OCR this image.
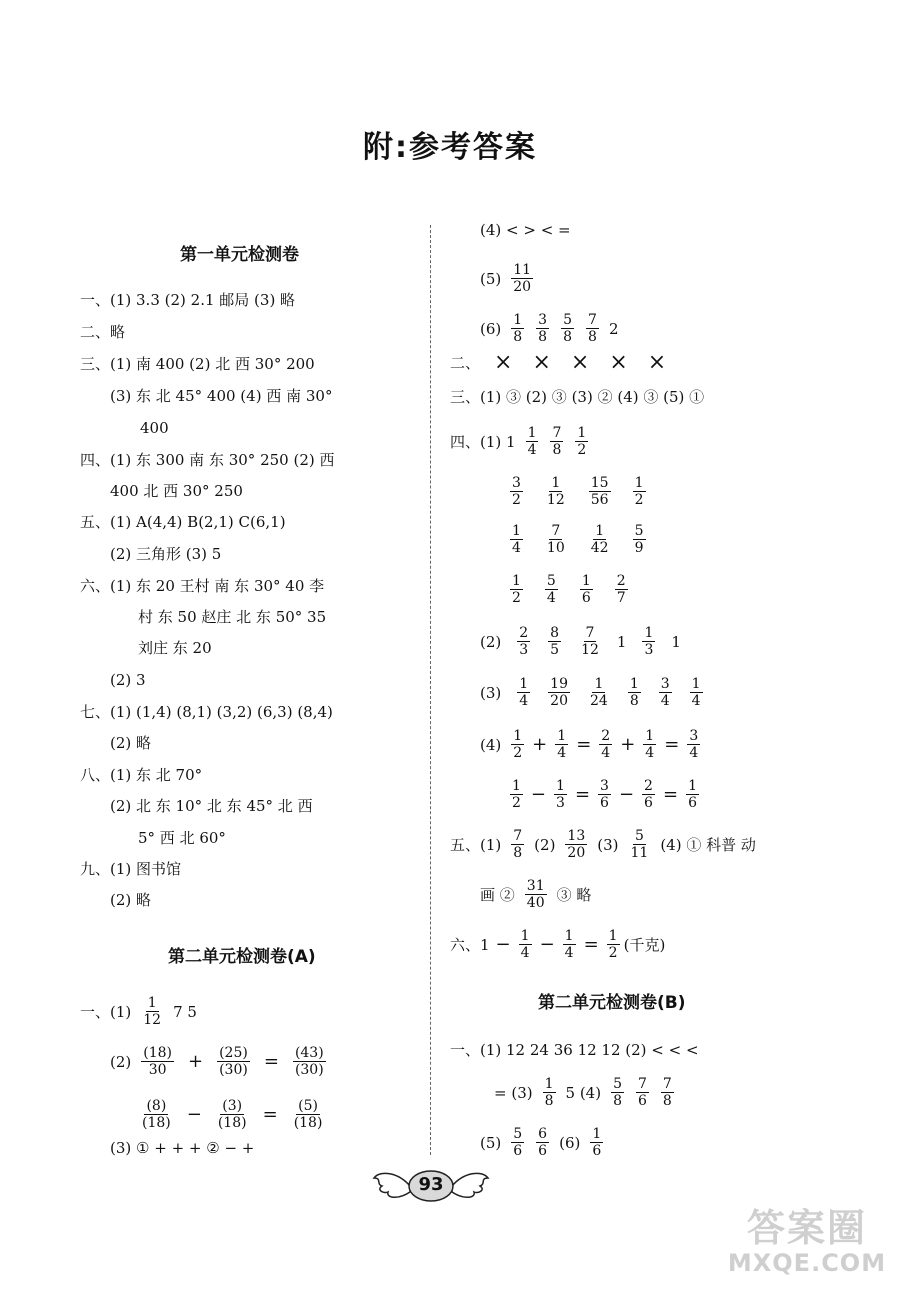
附:参考答案
第一单元检测卷
一、(1) 3.3 (2) 2.1 邮局 (3) 略
二、略
三、(1) 南 400 (2) 北 西 30° 200
(3) 东 北 45° 400 (4) 西 南 30°
400
四、(1) 东 300 南 东 30° 250 (2) 西
400 北 西 30° 250
五、(1) A(4,4) B(2,1) C(6,1)
(2) 三角形 (3) 5
六、(1) 东 20 王村 南 东 30° 40 李
村 东 50 赵庄 北 东 50° 35
刘庄 东 20
(2) 3
七、(1) (1,4) (8,1) (3,2) (6,3) (8,4)
(2) 略
八、(1) 东 北 70°
(2) 北 东 10° 北 东 45° 北 西
5° 西 北 60°
九、(1) 图书馆
(2) 略
第二单元检测卷(A)
一、$(1) \frac{1}{12} 7$ 5
$(2) \frac{(18)}{30} + \frac{(25)}{(30)} = \frac{(43)}{(30)}$
$\frac{(8)}{(18)} - \frac{(3)}{(18)} = \frac{(5)}{(18)}$
(3) ① + + + ② − +
(4) < > < =
$(5) \frac{11}{20}$
$(6) \frac{1}{8} \frac{3}{8} \frac{5}{8} \frac{7}{8} 2$
二、 × × × × ×
三、(1) ③ (2) ③ (3) ② (4) ③ (5) ①
四、(1) $1 \frac{1}{4} \frac{7}{8} \frac{1}{2}$
$\frac{3}{2} \frac{1}{12} \frac{15}{56} \frac{1}{2}$
$\frac{1}{4} \frac{7}{10} \frac{1}{42} \frac{5}{9}$
$\frac{1}{2} \frac{5}{4} \frac{1}{6} \frac{2}{7}$
$(2) \frac{2}{3} \frac{8}{5} \frac{7}{12} 1 \frac{1}{3} 1$
$(3) \frac{1}{4} \frac{19}{20} \frac{1}{24} \frac{1}{8} \frac{3}{4} \frac{1}{4}$
$(4) \frac{1}{2} + \frac{1}{4} = \frac{2}{4} + \frac{1}{4} = \frac{3}{4}$
$\frac{1}{2} - \frac{1}{3} = \frac{3}{6} - \frac{2}{6} = \frac{1}{6}$
五、$(1) \frac{7}{8} (2) \frac{13}{20} (3) \frac{5}{11} (4)$ ① 科普 动
画 ② $\frac{31}{40}$ ③ 略
六、$1 - \frac{1}{4} - \frac{1}{4} = \frac{1}{2}$ (千克)
第二单元检测卷(B)
一、(1) 12 24 36 12 12 (2) < < <
= $(3) \frac{1}{8} 5$ $(4) \frac{5}{8} \frac{7}{6} \frac{7}{8}$
$(5) \frac{5}{6} \frac{6}{6} (6) \frac{1}{6}$
93
答案圈
MXQE.COM
